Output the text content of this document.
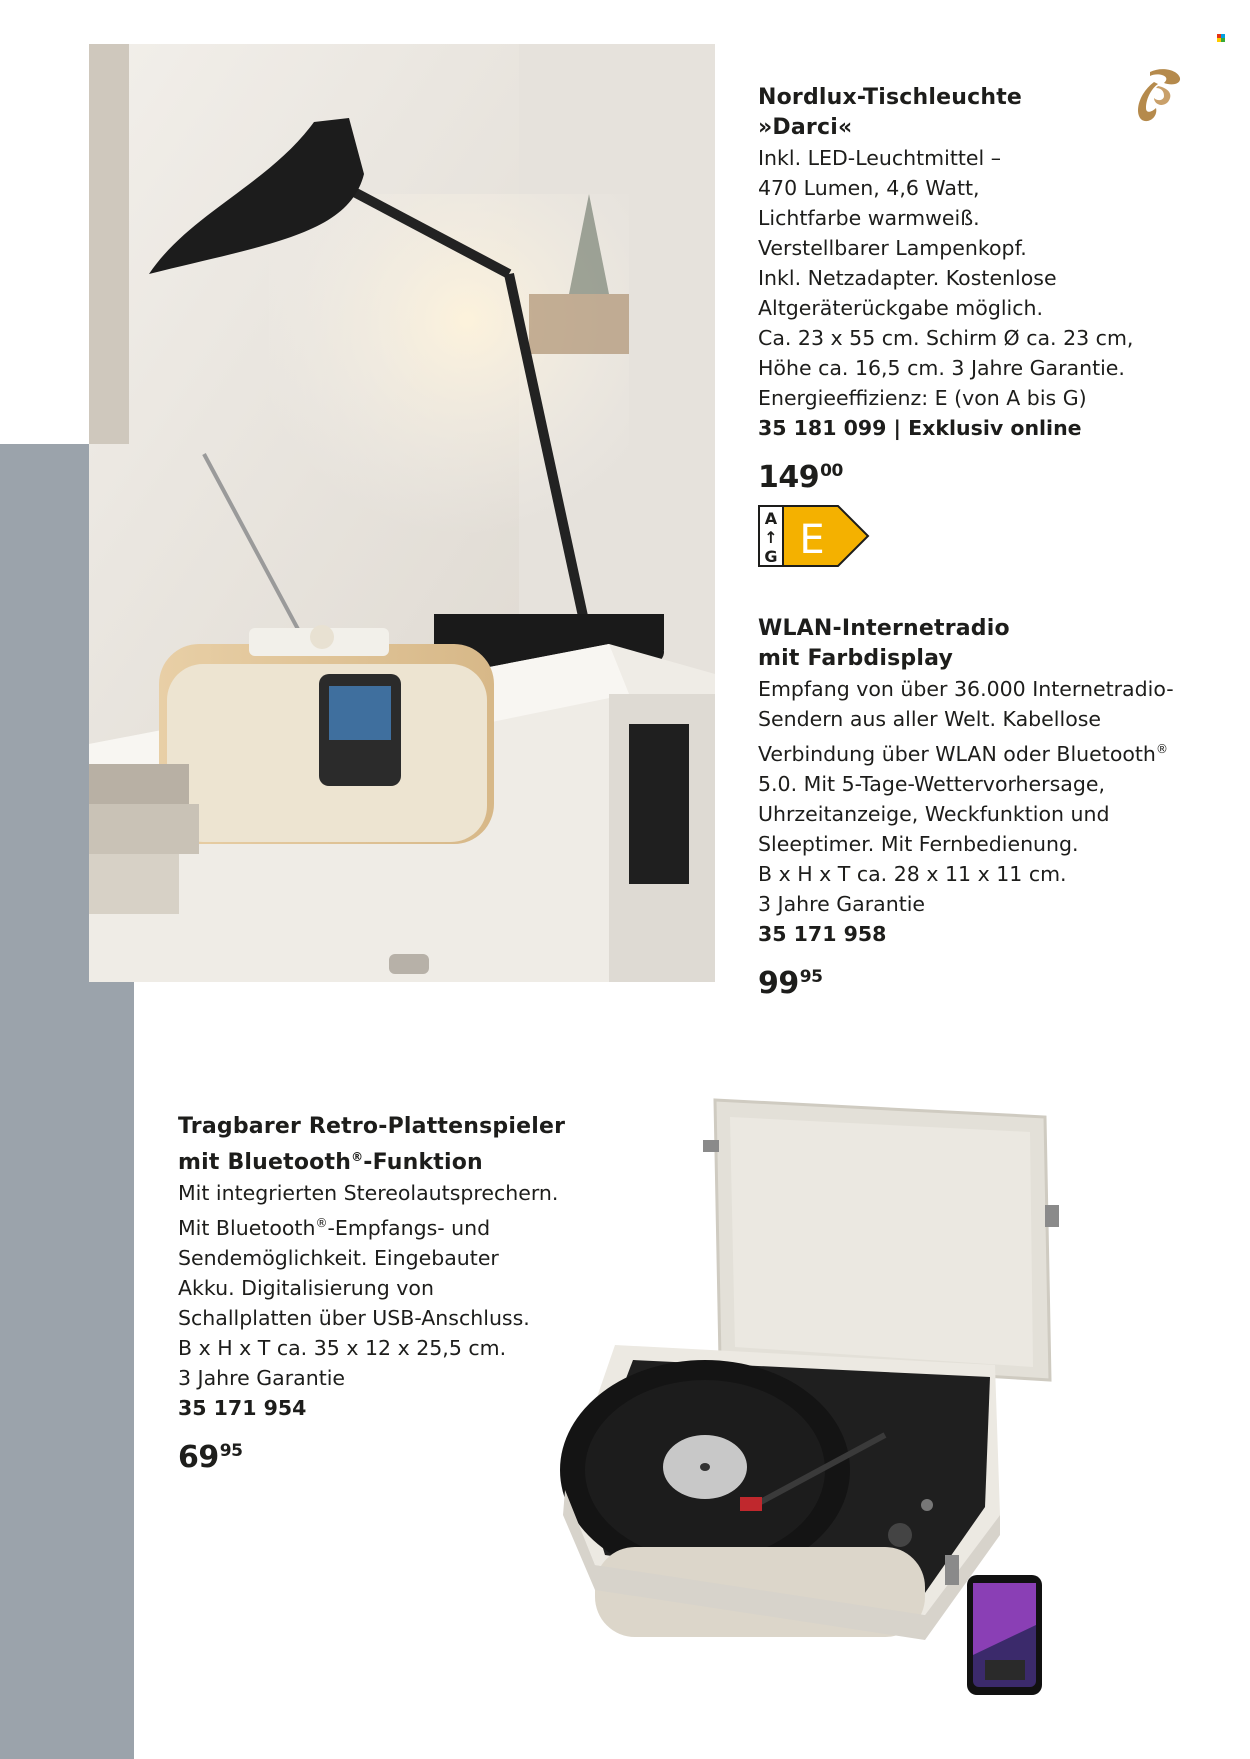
Nordlux-Tischleuchte

»Darci«

Inkl. LED-Leuchtmittel –
470 Lumen, 4,6 Watt,
Lichtfarbe warmweiß.
Verstellbarer Lampenkopf.
Inkl. Netzadapter. Kostenlose
Altgeräterückgabe möglich.
Ca. 23 x 55 cm. Schirm Ø ca. 23 cm,
Höhe ca. 16,5 cm. 3 Jahre Garantie.
Energieeffizienz: E (von A bis G)

35 181 099 | Exklusiv online

$149^{00}$
A
↑
G E

WLAN-Internetradio

mit Farbdisplay

Empfang von über 36.000 Internetradio-

Sendern aus aller Welt. Kabellose

Verbindung über WLAN oder Bluetooth®

5.0. Mit 5-Tage-Wettervorhersage,

Uhrzeitanzeige, Weckfunktion und

Sleeptimer. Mit Fernbedienung.

B x H x T ca. 28 x 11 x 11 cm.

3 Jahre Garantie

35 171 958

$99^{95}$

Tragbarer Retro-Plattenspieler

mit Bluetooth®-Funktion

Mit integrierten Stereolautsprechern.

Mit Bluetooth®-Empfangs- und

Sendemöglichkeit. Eingebauter
Akku. Digitalisierung von
Schallplatten über USB-Anschluss.
B x H x T ca. 35 x 12 x 25,5 cm.
3 Jahre Garantie

35 171 954

$69^{95}$
